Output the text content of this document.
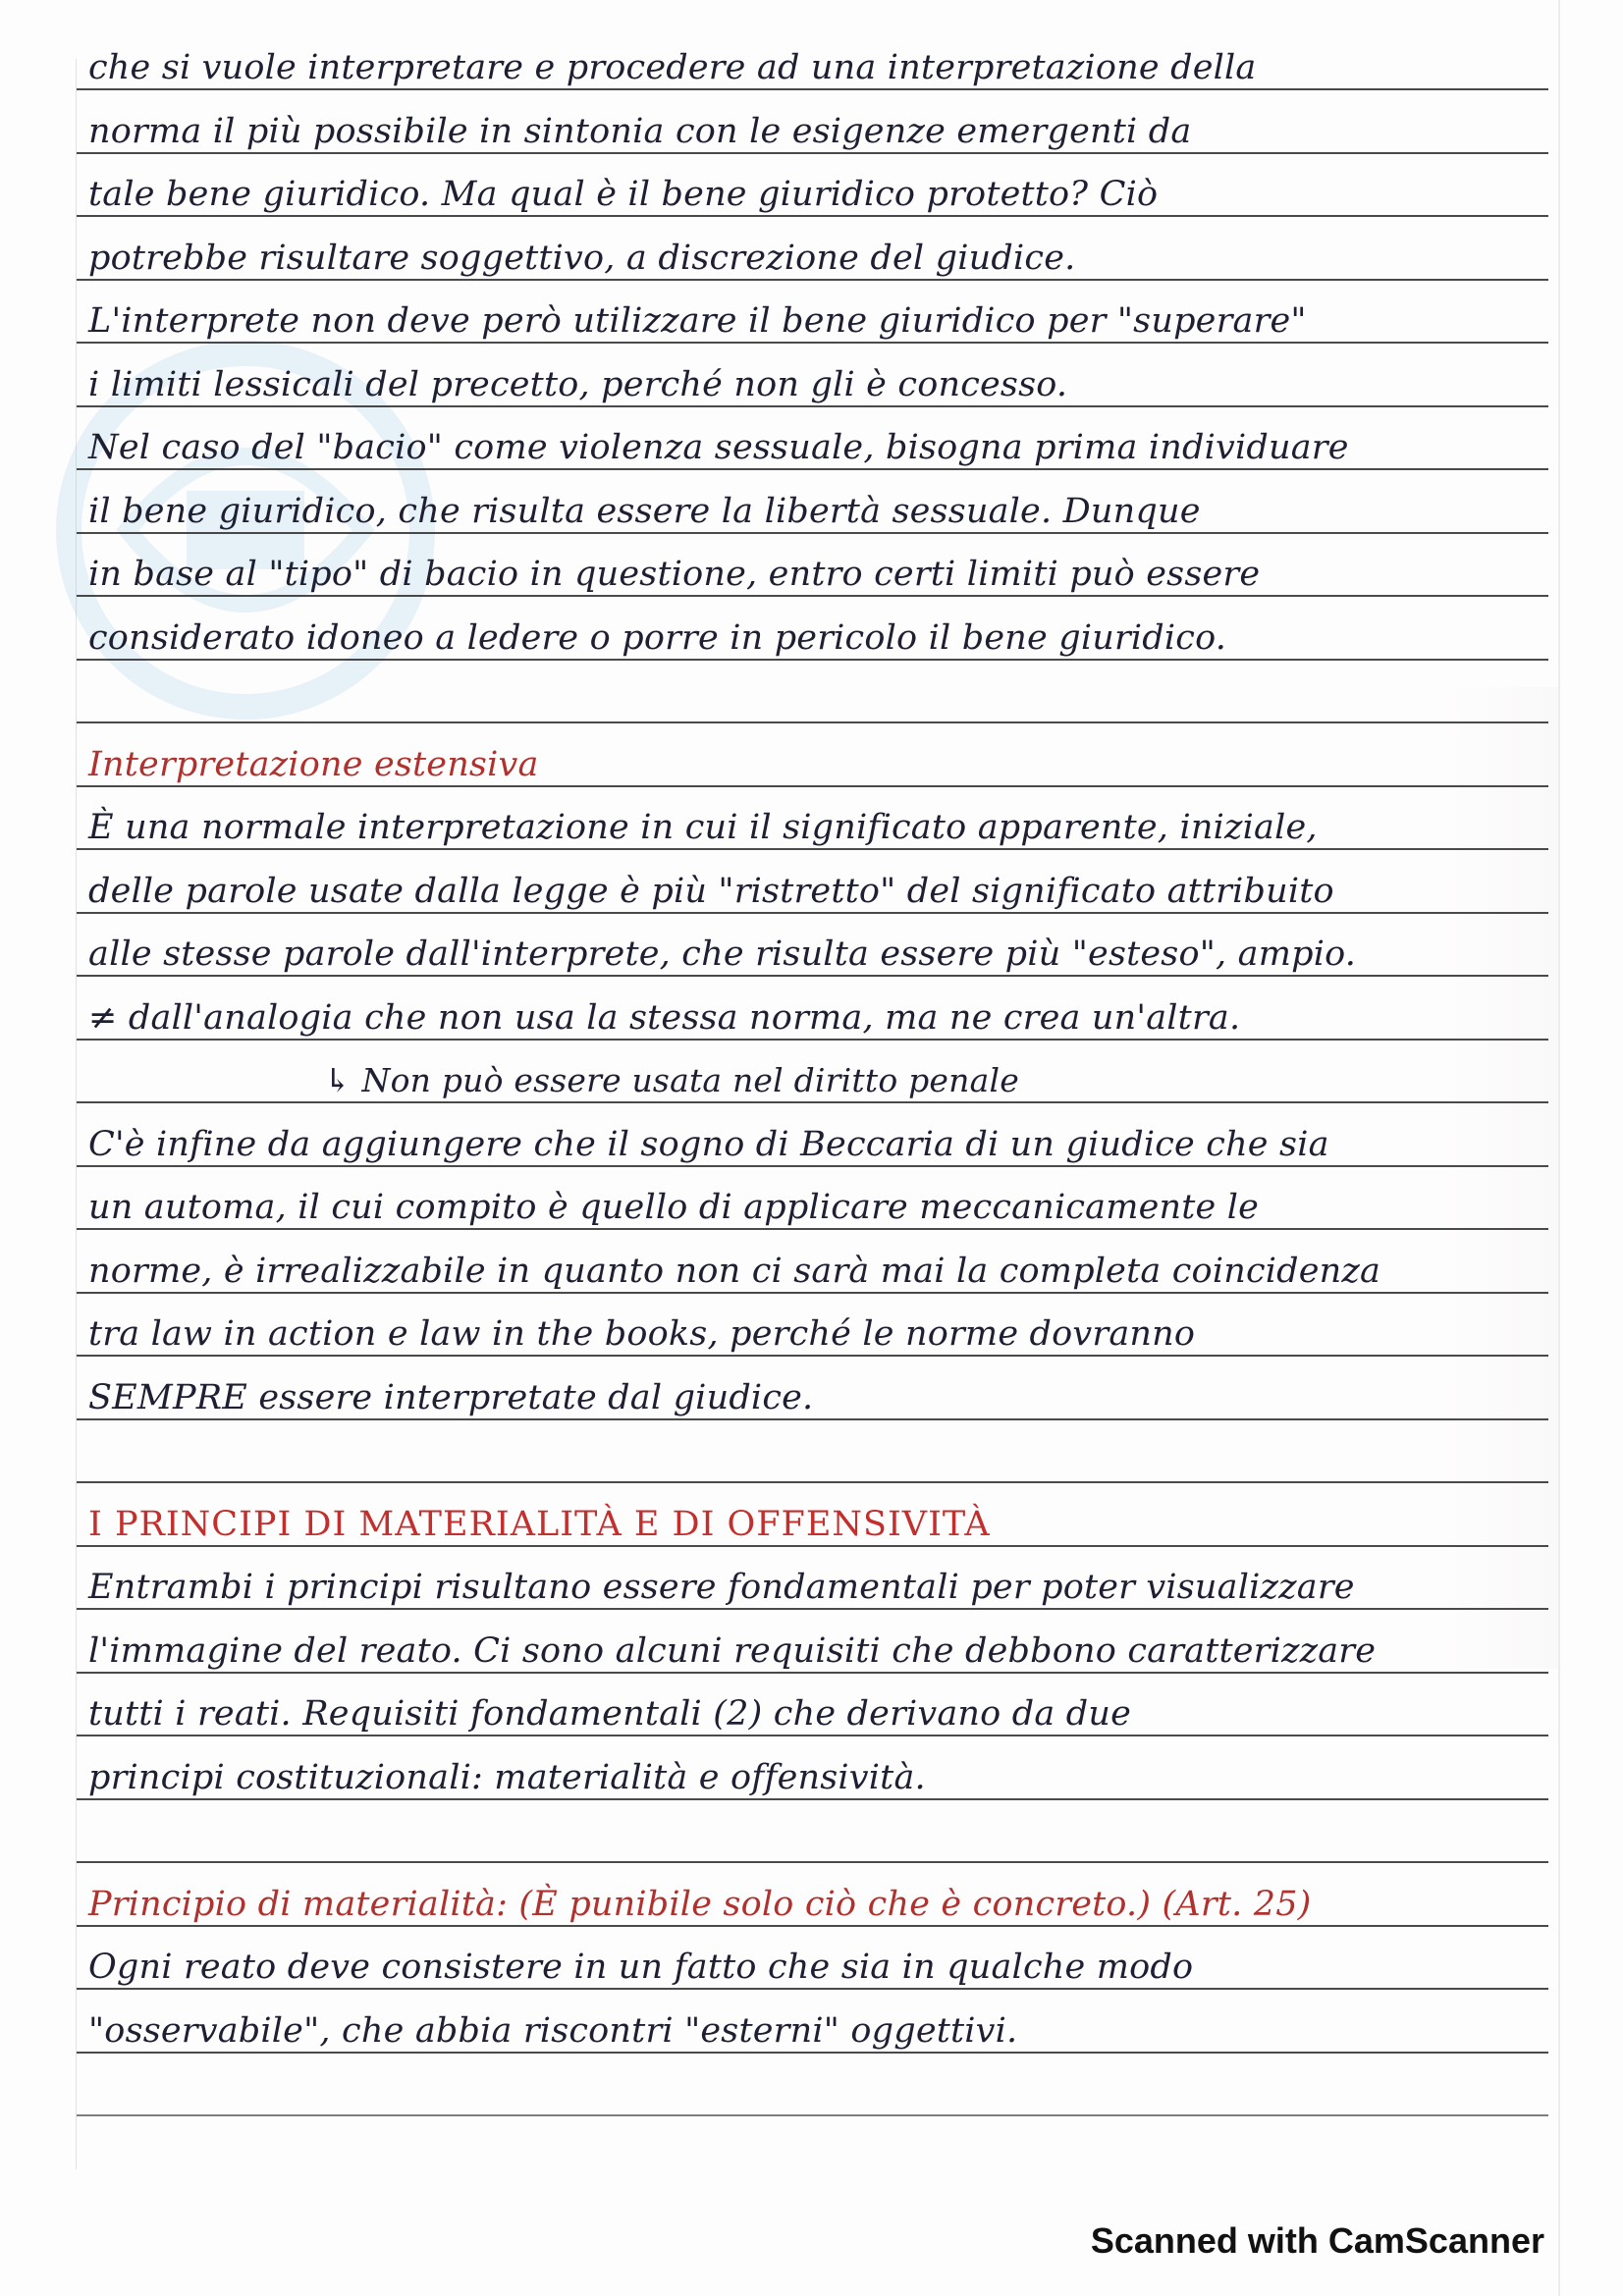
che si vuole interpretare e procedere ad una interpretazione della
norma il più possibile in sintonia con le esigenze emergenti da
tale bene giuridico. Ma qual è il bene giuridico protetto? Ciò
potrebbe risultare soggettivo, a discrezione del giudice.
L'interprete non deve però utilizzare il bene giuridico per "superare"
i limiti lessicali del precetto, perché non gli è concesso.
Nel caso del "bacio" come violenza sessuale, bisogna prima individuare
il bene giuridico, che risulta essere la libertà sessuale. Dunque
in base al "tipo" di bacio in questione, entro certi limiti può essere
considerato idoneo a ledere o porre in pericolo il bene giuridico.
Interpretazione estensiva
È una normale interpretazione in cui il significato apparente, iniziale,
delle parole usate dalla legge è più "ristretto" del significato attribuito
alle stesse parole dall'interprete, che risulta essere più "esteso", ampio.
≠ dall'analogia che non usa la stessa norma, ma ne crea un'altra.
↳ Non può essere usata nel diritto penale
C'è infine da aggiungere che il sogno di Beccaria di un giudice che sia
un automa, il cui compito è quello di applicare meccanicamente le
norme, è irrealizzabile in quanto non ci sarà mai la completa coincidenza
tra law in action e law in the books, perché le norme dovranno
SEMPRE essere interpretate dal giudice.
I PRINCIPI DI MATERIALITÀ E DI OFFENSIVITÀ
Entrambi i principi risultano essere fondamentali per poter visualizzare
l'immagine del reato. Ci sono alcuni requisiti che debbono caratterizzare
tutti i reati. Requisiti fondamentali (2) che derivano da due
principi costituzionali: materialità e offensività.
Principio di materialità: (È punibile solo ciò che è concreto.) (Art. 25)
Ogni reato deve consistere in un fatto che sia in qualche modo
"osservabile", che abbia riscontri "esterni" oggettivi.
Scanned with CamScanner
